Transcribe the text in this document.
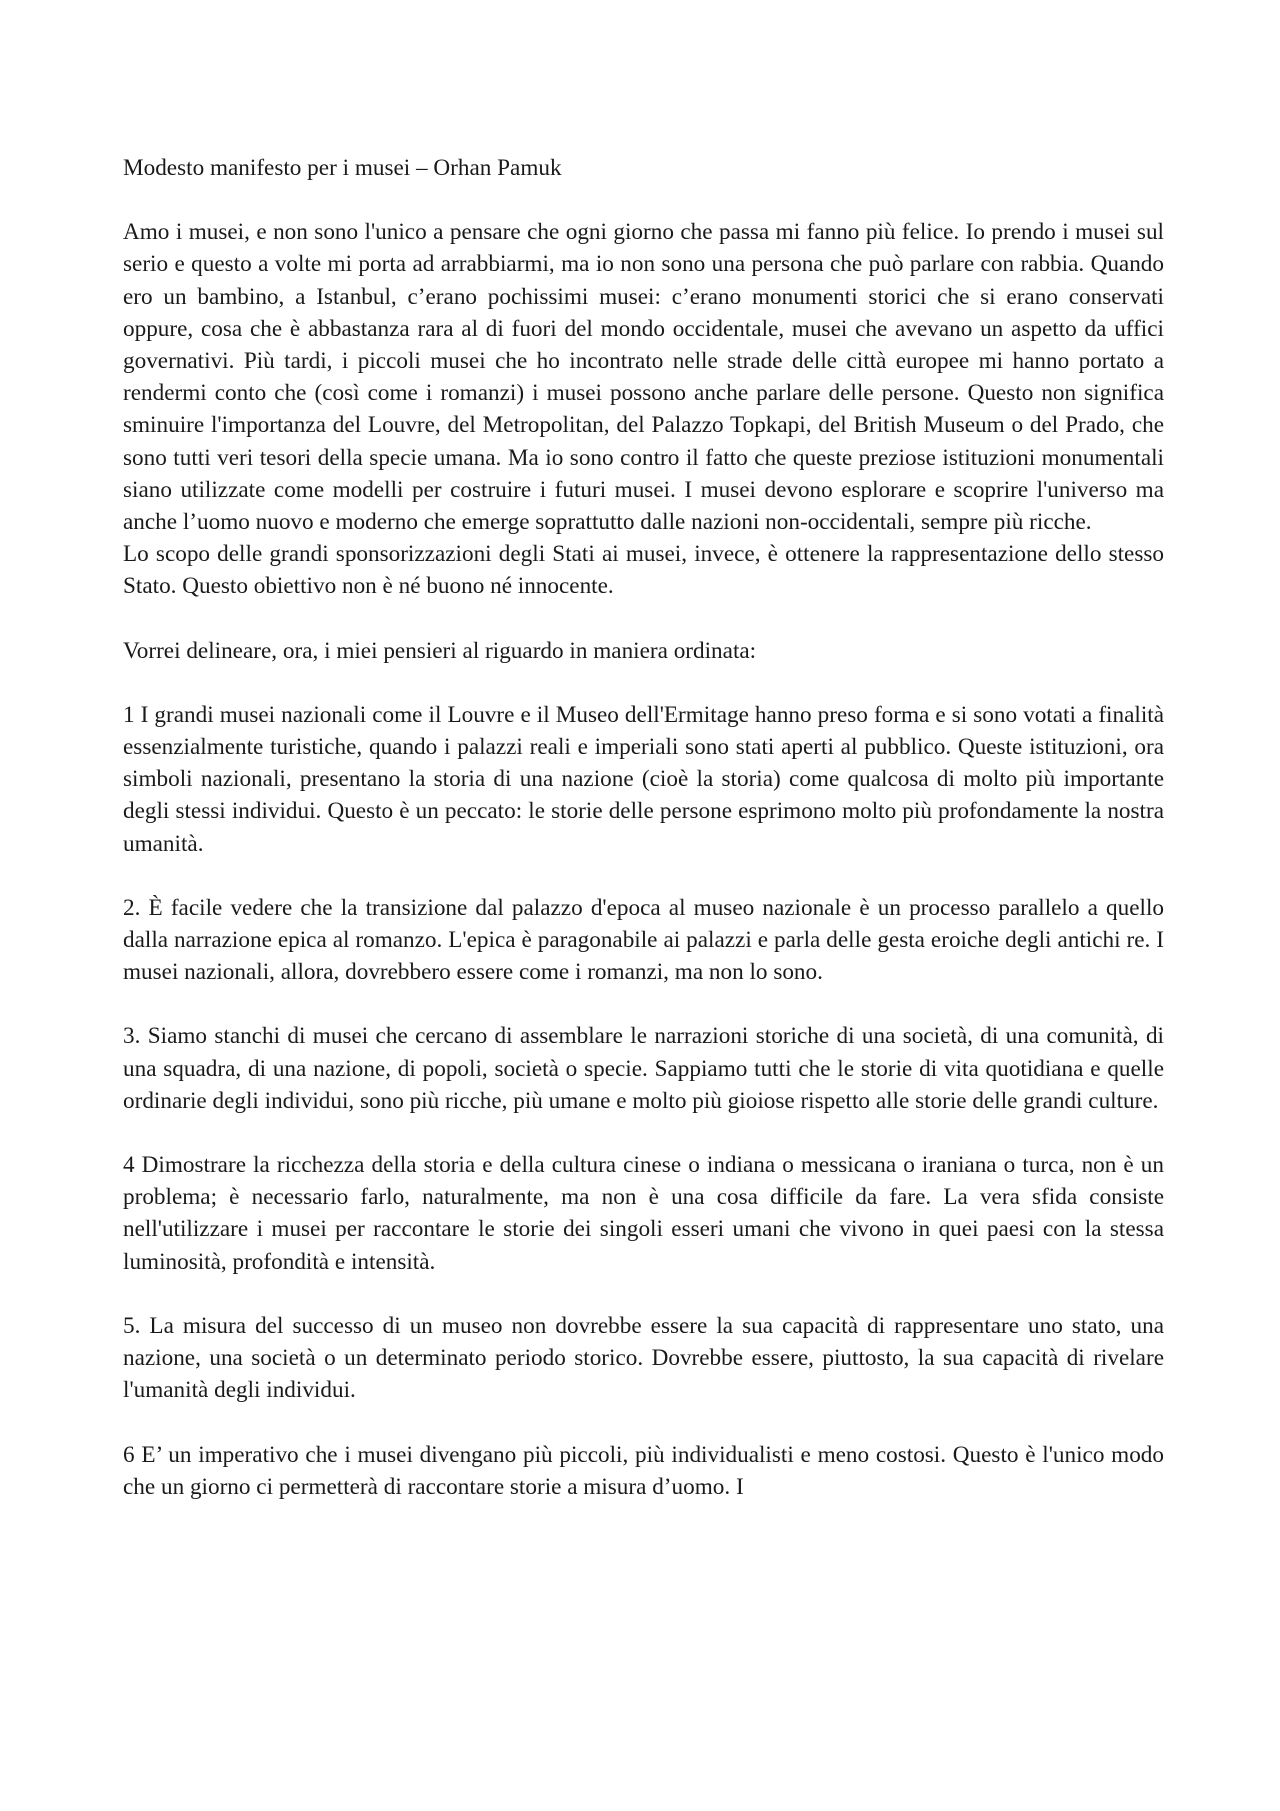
Modesto manifesto per i musei – Orhan Pamuk

Amo i musei, e non sono l'unico a pensare che ogni giorno che passa mi fanno più felice. Io prendo i musei sul serio e questo a volte mi porta ad arrabbiarmi, ma io non sono una persona che può parlare con rabbia. Quando ero un bambino, a Istanbul, c’erano pochissimi musei: c’erano monumenti storici che si erano conservati oppure, cosa che è abbastanza rara al di fuori del mondo occidentale, musei che avevano un aspetto da uffici governativi. Più tardi, i piccoli musei che ho incontrato nelle strade delle città europee mi hanno portato a rendermi conto che (così come i romanzi) i musei possono anche parlare delle persone. Questo non significa sminuire l'importanza del Louvre, del Metropolitan, del Palazzo Topkapi, del British Museum o del Prado, che sono tutti veri tesori della specie umana. Ma io sono contro il fatto che queste preziose istituzioni monumentali siano utilizzate come modelli per costruire i futuri musei. I musei devono esplorare e scoprire l'universo ma anche l’uomo nuovo e moderno che emerge soprattutto dalle nazioni non-occidentali, sempre più ricche.

Lo scopo delle grandi sponsorizzazioni degli Stati ai musei, invece, è ottenere la rappresentazione dello stesso Stato. Questo obiettivo non è né buono né innocente.

Vorrei delineare, ora, i miei pensieri al riguardo in maniera ordinata:

1 I grandi musei nazionali come il Louvre e il Museo dell'Ermitage hanno preso forma e si sono votati a finalità essenzialmente turistiche, quando i palazzi reali e imperiali sono stati aperti al pubblico. Queste istituzioni, ora simboli nazionali, presentano la storia di una nazione (cioè la storia) come qualcosa di molto più importante degli stessi individui. Questo è un peccato: le storie delle persone esprimono molto più profondamente la nostra umanità.

2. È facile vedere che la transizione dal palazzo d'epoca al museo nazionale è un processo parallelo a quello dalla narrazione epica al romanzo. L'epica è paragonabile ai palazzi e parla delle gesta eroiche degli antichi re. I musei nazionali, allora, dovrebbero essere come i romanzi, ma non lo sono.

3. Siamo stanchi di musei che cercano di assemblare le narrazioni storiche di una società, di una comunità, di una squadra, di una nazione, di popoli, società o specie. Sappiamo tutti che le storie di vita quotidiana e quelle ordinarie degli individui, sono più ricche, più umane e molto più gioiose rispetto alle storie delle grandi culture.

4 Dimostrare la ricchezza della storia e della cultura cinese o indiana o messicana o iraniana o turca, non è un problema; è necessario farlo, naturalmente, ma non è una cosa difficile da fare. La vera sfida consiste nell'utilizzare i musei per raccontare le storie dei singoli esseri umani che vivono in quei paesi con la stessa luminosità, profondità e intensità.

5. La misura del successo di un museo non dovrebbe essere la sua capacità di rappresentare uno stato, una nazione, una società o un determinato periodo storico. Dovrebbe essere, piuttosto, la sua capacità di rivelare l'umanità degli individui.

6 E’ un imperativo che i musei divengano più piccoli, più individualisti e meno costosi. Questo è l'unico modo che un giorno ci permetterà di raccontare storie a misura d’uomo. I
